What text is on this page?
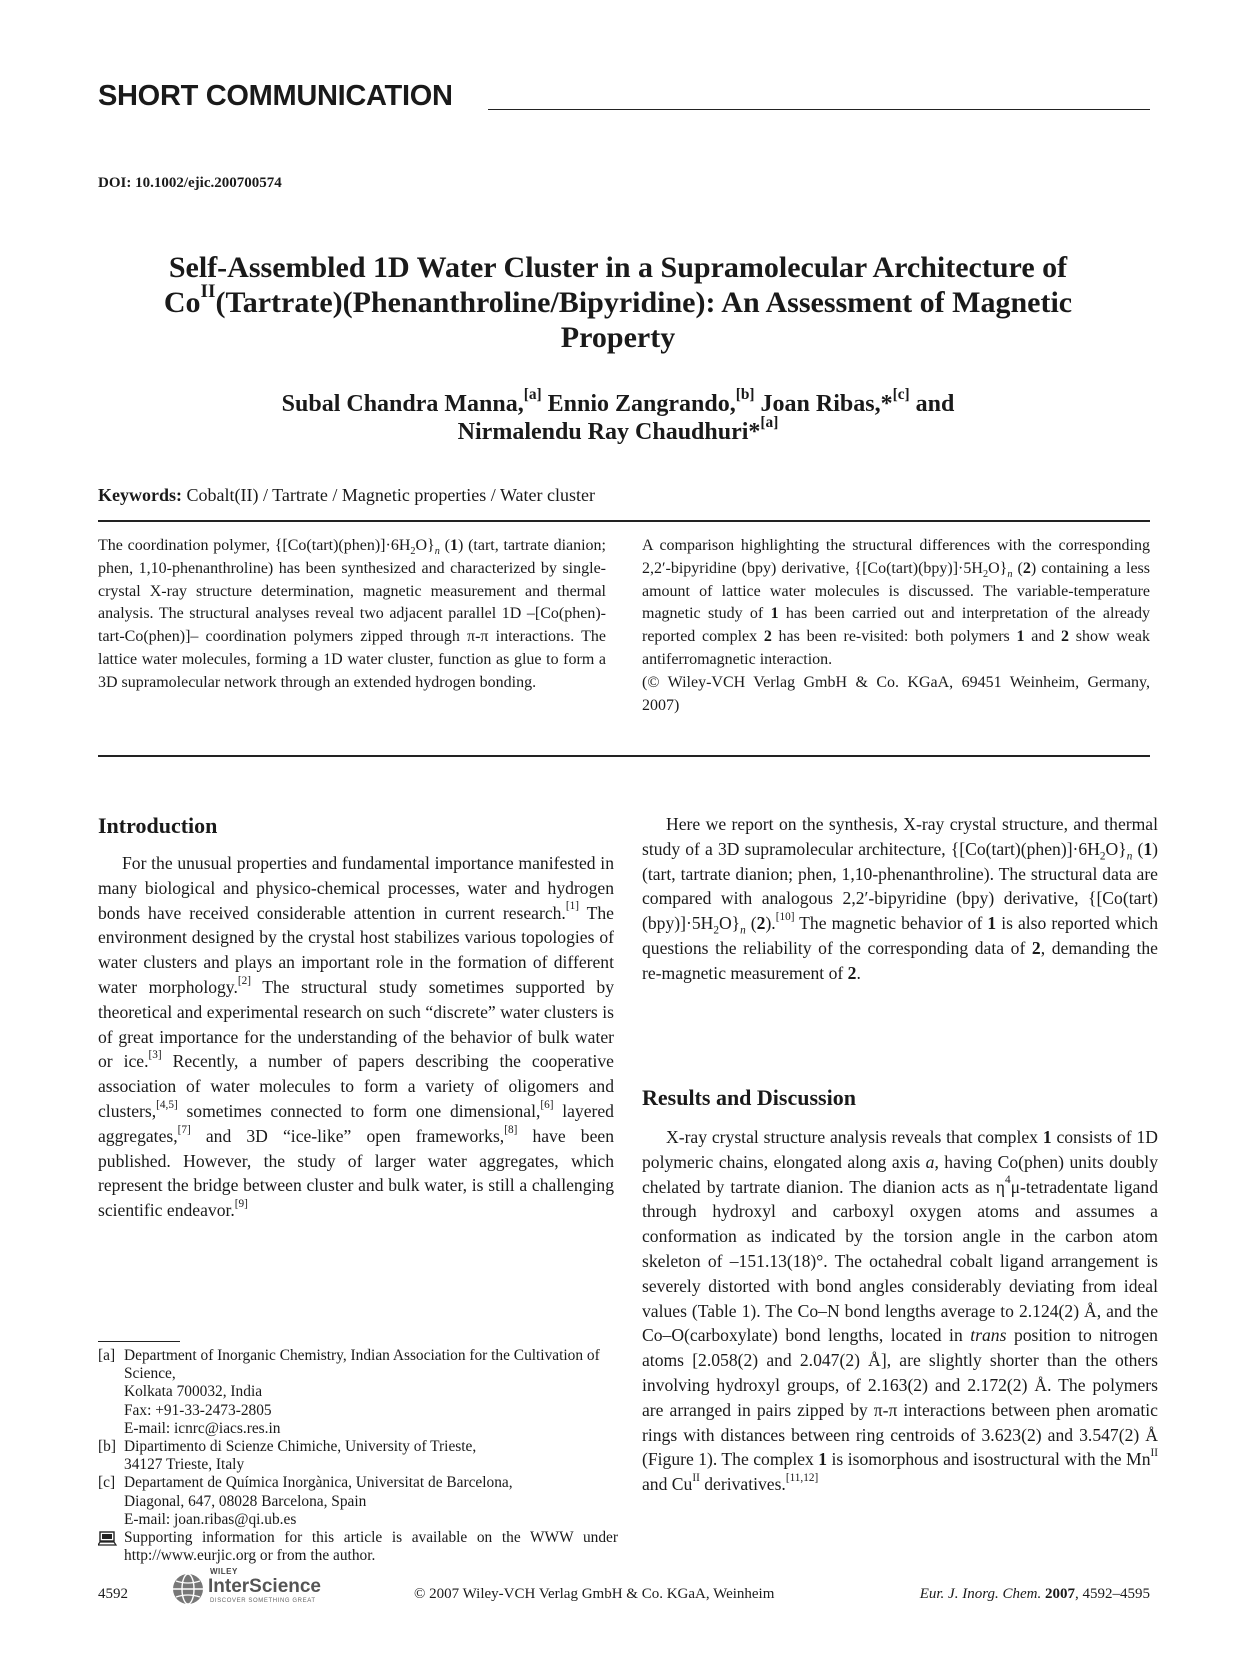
SHORT COMMUNICATION
DOI: 10.1002/ejic.200700574
Self-Assembled 1D Water Cluster in a Supramolecular Architecture of
$Co^{II}(Tartrate)(Phenanthroline/Bipyridine)$: An Assessment of Magnetic
Property
Subal Chandra Manna,[a] Ennio Zangrando,[b] Joan Ribas,*[c] and
Nirmalendu Ray Chaudhuri*[a]
Keywords: Cobalt(II) / Tartrate / Magnetic properties / Water cluster
The coordination polymer, $\{[Co(tart)(phen)]\cdot 6H_2O\}_n$ (1) (tart, tartrate dianion; phen, 1,10-phenanthroline) has been synthesized and characterized by single-crystal X-ray structure determination, magnetic measurement and thermal analysis. The structural analyses reveal two adjacent parallel 1D –[Co(phen)-tart-Co(phen)]– coordination polymers zipped through π-π interactions. The lattice water molecules, forming a 1D water cluster, function as glue to form a 3D supramolecular network through an extended hydrogen bonding.
A comparison highlighting the structural differences with the corresponding 2,2′-bipyridine (bpy) derivative, $\{[Co(tart)(bpy)]\cdot 5H_2O\}_n$ (2) containing a less amount of lattice water molecules is discussed. The variable-temperature magnetic study of 1 has been carried out and interpretation of the already reported complex 2 has been re-visited: both polymers 1 and 2 show weak antiferromagnetic interaction.
(© Wiley-VCH Verlag GmbH & Co. KGaA, 69451 Weinheim, Germany, 2007)
Introduction

For the unusual properties and fundamental importance manifested in many biological and physico-chemical processes, water and hydrogen bonds have received considerable attention in current research.[1] The environment designed by the crystal host stabilizes various topologies of water clusters and plays an important role in the formation of different water morphology.[2] The structural study sometimes supported by theoretical and experimental research on such “discrete” water clusters is of great importance for the understanding of the behavior of bulk water or ice.[3] Recently, a number of papers describing the cooperative association of water molecules to form a variety of oligomers and clusters,[4,5] sometimes connected to form one dimensional,[6] layered aggregates,[7] and 3D “ice-like” open frameworks,[8] have been published. However, the study of larger water aggregates, which represent the bridge between cluster and bulk water, is still a challenging scientific endeavor.[9]

Here we report on the synthesis, X-ray crystal structure, and thermal study of a 3D supramolecular architecture, $\{[Co(tart)(phen)]\cdot 6H_2O\}_n$ (1) (tart, tartrate dianion; phen, 1,10-phenanthroline). The structural data are compared with analogous 2,2′-bipyridine (bpy) derivative, $\{[Co(tart)(bpy)]\cdot 5H_2O\}_n$ (2).[10] The magnetic behavior of 1 is also reported which questions the reliability of the corresponding data of 2, demanding the re-magnetic measurement of 2.

Results and Discussion

X-ray crystal structure analysis reveals that complex 1 consists of 1D polymeric chains, elongated along axis a, having Co(phen) units doubly chelated by tartrate dianion. The dianion acts as $\eta^4\mu$-tetradentate ligand through hydroxyl and carboxyl oxygen atoms and assumes a conformation as indicated by the torsion angle in the carbon atom skeleton of –151.13(18)°. The octahedral cobalt ligand arrangement is severely distorted with bond angles considerably deviating from ideal values (Table 1). The Co–N bond lengths average to 2.124(2) Å, and the Co–O(carboxylate) bond lengths, located in trans position to nitrogen atoms [2.058(2) and 2.047(2) Å], are slightly shorter than the others involving hydroxyl groups, of 2.163(2) and 2.172(2) Å. The polymers are arranged in pairs zipped by π-π interactions between phen aromatic rings with distances between ring centroids of 3.623(2) and 3.547(2) Å (Figure 1). The complex 1 is isomorphous and isostructural with the $Mn^{II}$ and $Cu^{II}$ derivatives.[11,12]

[a] Department of Inorganic Chemistry, Indian Association for the Cultivation of Science,
Kolkata 700032, India
Fax: +91-33-2473-2805
E-mail: icnrc@iacs.res.in
[b] Dipartimento di Scienze Chimiche, University of Trieste,
34127 Trieste, Italy
[c] Departament de Química Inorgànica, Universitat de Barcelona,
Diagonal, 647, 08028 Barcelona, Spain
E-mail: joan.ribas@qi.ub.es
Supporting information for this article is available on the WWW under http://www.eurjic.org or from the author.
4592
WILEY
InterScience
DISCOVER SOMETHING GREAT	© 2007 Wiley-VCH Verlag GmbH & Co. KGaA, Weinheim	Eur. J. Inorg. Chem. 2007, 4592–4595
